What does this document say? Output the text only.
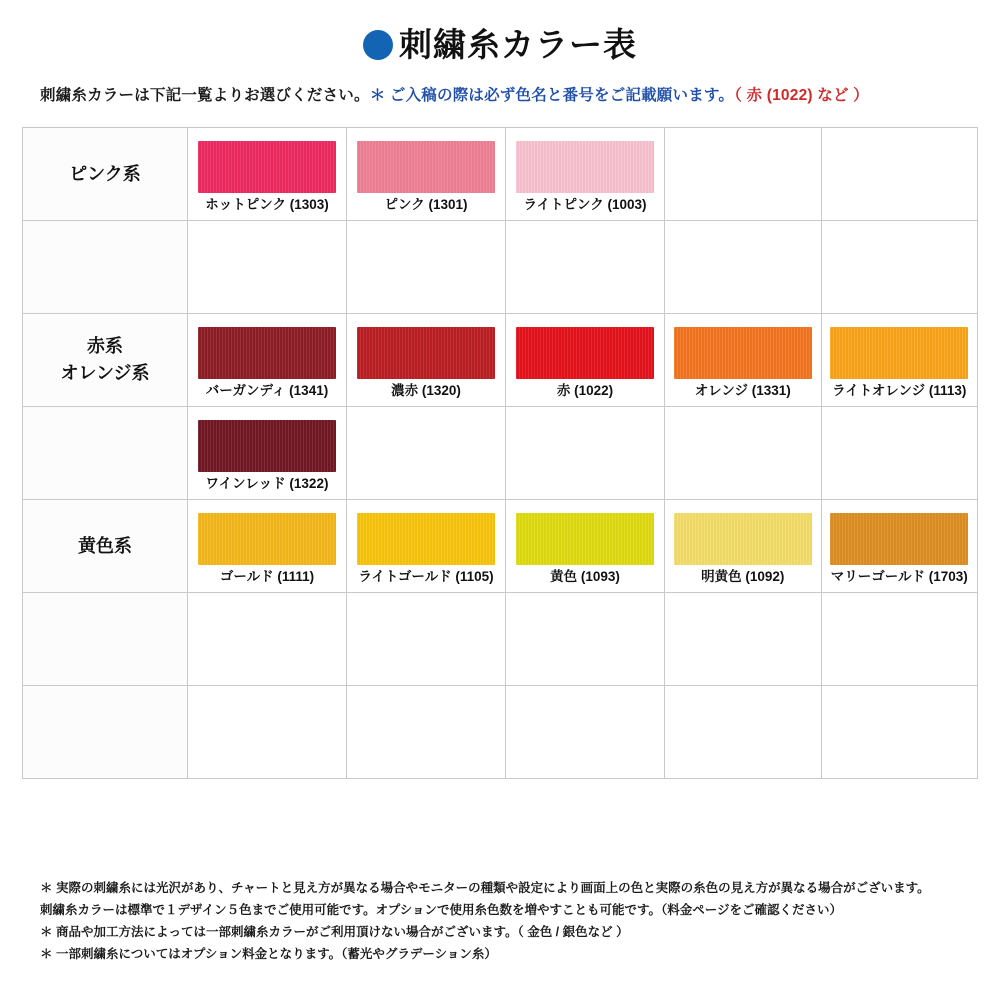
刺繍糸カラー表
刺繍糸カラーは下記一覧よりお選びください。＊ ご入稿の際は必ず色名と番号をご記載願います。（ 赤 (1022) など ）
ピンク系	ホットピンク (1303)	ピンク (1301)	ライトピンク (1003)		

赤系
オレンジ系	バーガンディ (1341)	濃赤 (1320)	赤 (1022)	オレンジ (1331)	ライトオレンジ (1113)

	ワインレッド (1322)				

黄色系	ゴールド (1111)	ライトゴールド (1105)	黄色 (1093)	明黄色 (1092)	マリーゴールド (1703)

＊ 実際の刺繍糸には光沢があり、チャートと見え方が異なる場合やモニターの種類や設定により画面上の色と実際の糸色の見え方が異なる場合がございます。
刺繍糸カラーは標準で１デザイン５色までご使用可能です。オプションで使用糸色数を増やすことも可能です。（料金ページをご確認ください）
＊ 商品や加工方法によっては一部刺繍糸カラーがご利用頂けない場合がございます。（ 金色 / 銀色など ）
＊ 一部刺繍糸についてはオプション料金となります。（蓄光やグラデーション糸）
